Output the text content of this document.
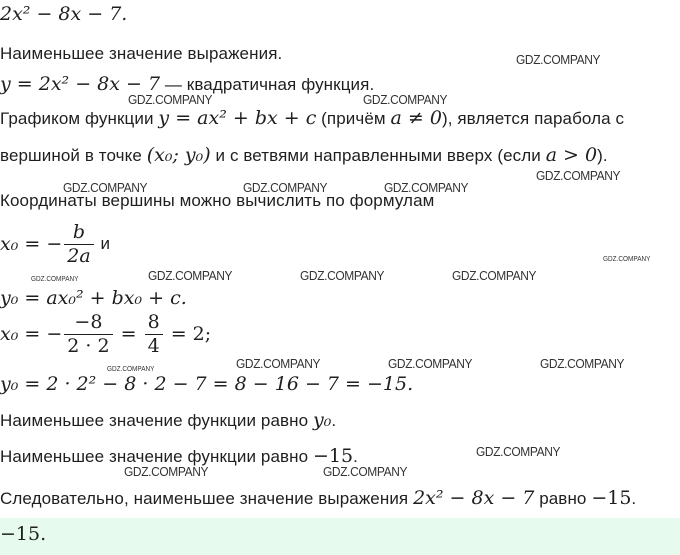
2x² − 8x − 7.
Наименьшее значение выражения.
y = 2x² − 8x − 7 — квадратичная функция.
Графиком функции y = ax² + bx + c (причём a ≠ 0), является парабола с
вершиной в точке (x₀; y₀) и с ветвями направленными вверх (если a > 0).
Координаты вершины можно вычислить по формулам
x₀ = − $\frac{b}{2a}$ и
y₀ = ax₀² + bx₀ + c.
x₀ = − $\frac{-8}{2 \cdot 2} = \frac{8}{4} = 2$;
y₀ = 2 · 2² − 8 · 2 − 7 = 8 − 16 − 7 = −15.
Наименьшее значение функции равно y₀.
Наименьшее значение функции равно −15.
Следовательно, наименьшее значение выражения 2x² − 8x − 7 равно −15.
−15.
GDZ.COMPANY
GDZ.COMPANY	GDZ.COMPANY
GDZ.COMPANY
GDZ.COMPANY	GDZ.COMPANY	GDZ.COMPANY
GDZ.COMPANY
GDZ.COMPANY	GDZ.COMPANY	GDZ.COMPANY
GDZ.COMPANY
GDZ.COMPANY	GDZ.COMPANY	GDZ.COMPANY
GDZ.COMPANY
GDZ.COMPANY
GDZ.COMPANY	GDZ.COMPANY
